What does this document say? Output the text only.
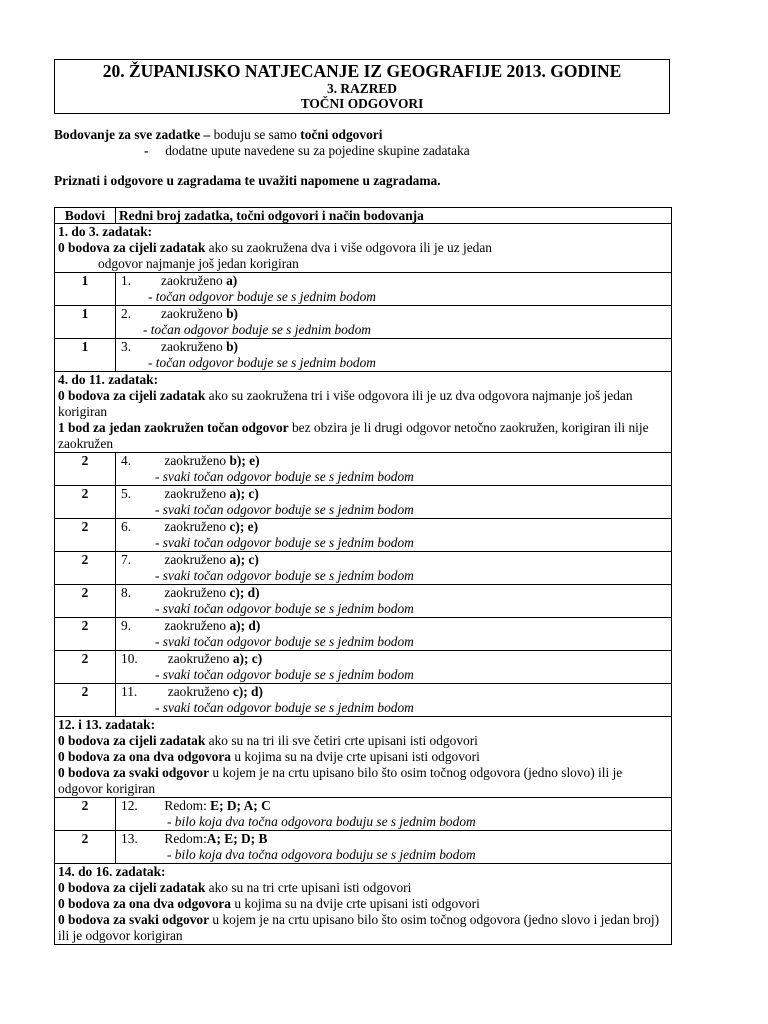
20. ŽUPANIJSKO NATJECANJE IZ GEOGRAFIJE 2013. GODINE
3. RAZRED
TOČNI ODGOVORI
Bodovanje za sve zadatke – boduju se samo točni odgovori
- dodatne upute navedene su za pojedine skupine zadataka
Priznati i odgovore u zagradama te uvažiti napomene u zagradama.
Bodovi	Redni broj zadatka, točni odgovori i način bodovanja

1. do 3. zadatak:
0 bodova za cijeli zadatak ako su zaokružena dva i više odgovora ili je uz jedan
odgovor najmanje još jedan korigiran	

1	1. zaokruženo a)
- točan odgovor boduje se s jednim bodom

1	2. zaokruženo b)
- točan odgovor boduje se s jednim bodom

1	3. zaokruženo b)
- točan odgovor boduje se s jednim bodom

4. do 11. zadatak:
0 bodova za cijeli zadatak ako su zaokružena tri i više odgovora ili je uz dva odgovora najmanje još jedan korigiran
1 bod za jedan zaokružen točan odgovor bez obzira je li drugi odgovor netočno zaokružen, korigiran ili nije zaokružen	

2	4. zaokruženo b); e)
- svaki točan odgovor boduje se s jednim bodom

2	5. zaokruženo a); c)
- svaki točan odgovor boduje se s jednim bodom

2	6. zaokruženo c); e)
- svaki točan odgovor boduje se s jednim bodom

2	7. zaokruženo a); c)
- svaki točan odgovor boduje se s jednim bodom

2	8. zaokruženo c); d)
- svaki točan odgovor boduje se s jednim bodom

2	9. zaokruženo a); d)
- svaki točan odgovor boduje se s jednim bodom

2	10. zaokruženo a); c)
- svaki točan odgovor boduje se s jednim bodom

2	11. zaokruženo c); d)
- svaki točan odgovor boduje se s jednim bodom

12. i 13. zadatak:
0 bodova za cijeli zadatak ako su na tri ili sve četiri crte upisani isti odgovori
0 bodova za ona dva odgovora u kojima su na dvije crte upisani isti odgovori
0 bodova za svaki odgovor u kojem je na crtu upisano bilo što osim točnog odgovora (jedno slovo) ili je odgovor korigiran	

2	12. Redom: E; D; A; C
- bilo koja dva točna odgovora boduju se s jednim bodom

2	13. Redom:A; E; D; B
- bilo koja dva točna odgovora boduju se s jednim bodom

14. do 16. zadatak:
0 bodova za cijeli zadatak ako su na tri crte upisani isti odgovori
0 bodova za ona dva odgovora u kojima su na dvije crte upisani isti odgovori
0 bodova za svaki odgovor u kojem je na crtu upisano bilo što osim točnog odgovora (jedno slovo i jedan broj) ili je odgovor korigiran	
